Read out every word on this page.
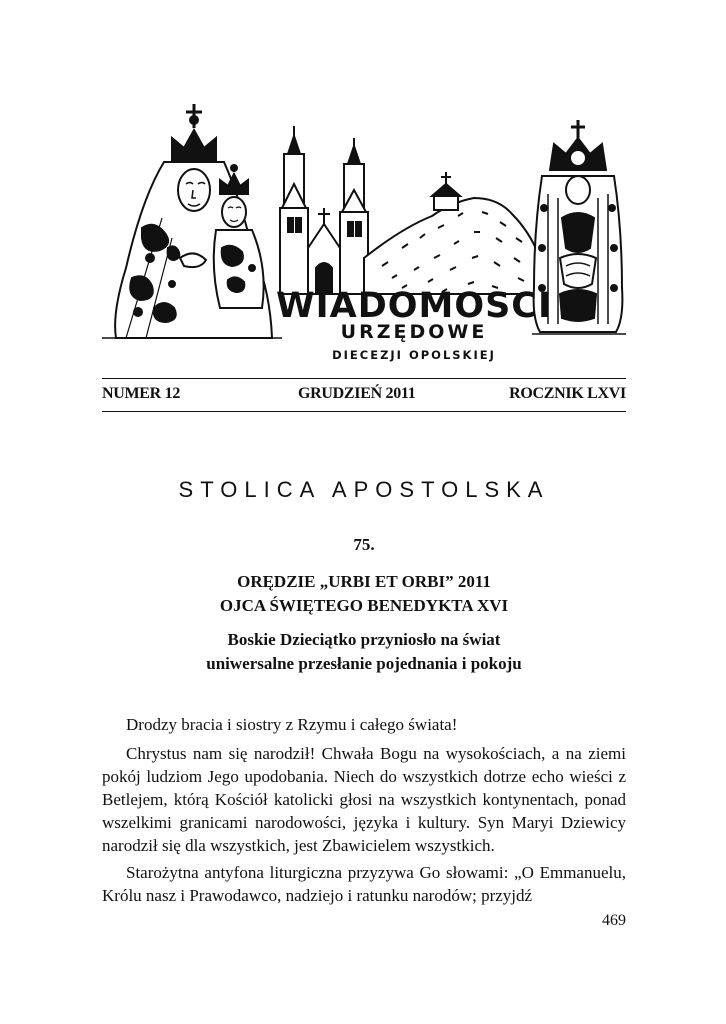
WIADOMOSCI
URZĘDOWE
DIECEZJI OPOLSKIEJ
NUMER 12	GRUDZIEŃ 2011	ROCZNIK LXVI
STOLICA APOSTOLSKA
75.
ORĘDZIE „URBI ET ORBI” 2011
OJCA ŚWIĘTEGO BENEDYKTA XVI
Boskie Dzieciątko przyniosło na świat
uniwersalne przesłanie pojednania i pokoju

Drodzy bracia i siostry z Rzymu i całego świata!

Chrystus nam się narodził! Chwała Bogu na wysokościach, a na ziemi pokój ludziom Jego upodobania. Niech do wszystkich dotrze echo wieści z Betlejem, którą Kościół katolicki głosi na wszystkich kontynentach, ponad wszelkimi granicami narodowości, języka i kultury. Syn Maryi Dziewicy narodził się dla wszystkich, jest Zbawicielem wszystkich.

Starożytna antyfona liturgiczna przyzywa Go słowami: „O Emmanuelu, Królu nasz i Prawodawco, nadziejo i ratunku narodów; przyjdź

469
